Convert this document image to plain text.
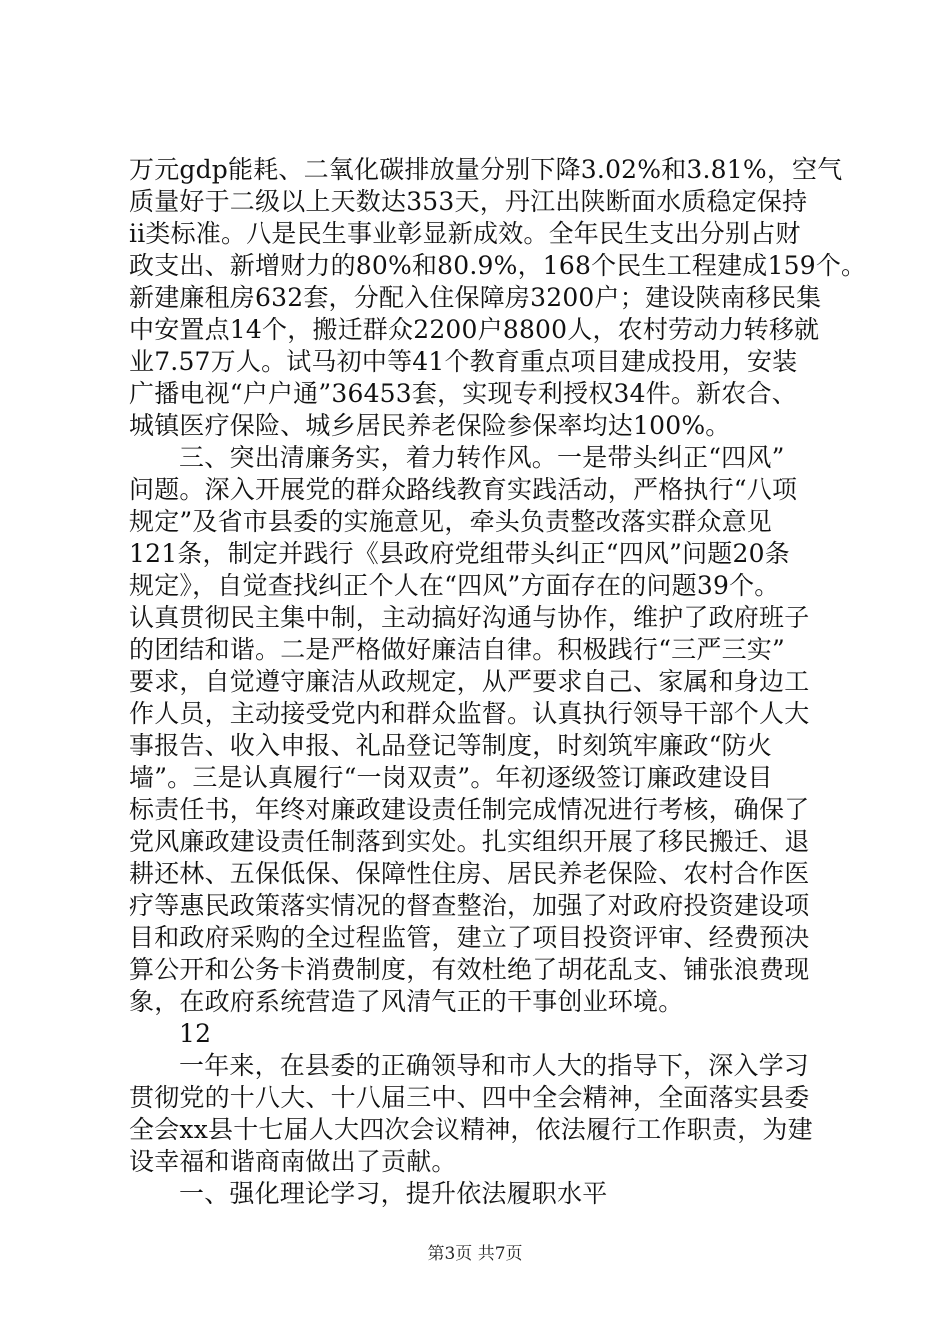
万元gdp能耗、二氧化碳排放量分别下降3.02%和3.81%，空气
质量好于二级以上天数达353天，丹江出陕断面水质稳定保持
ii类标准。八是民生事业彰显新成效。全年民生支出分别占财
政支出、新增财力的80%和80.9%，168个民生工程建成159个。
新建廉租房632套，分配入住保障房3200户；建设陕南移民集
中安置点14个，搬迁群众2200户8800人，农村劳动力转移就
业7.57万人。试马初中等41个教育重点项目建成投用，安装
广播电视“户户通”36453套，实现专利授权34件。新农合、
城镇医疗保险、城乡居民养老保险参保率均达100%。
三、突出清廉务实，着力转作风。一是带头纠正“四风”
问题。深入开展党的群众路线教育实践活动，严格执行“八项
规定”及省市县委的实施意见，牵头负责整改落实群众意见
121条，制定并践行《县政府党组带头纠正“四风”问题20条
规定》，自觉查找纠正个人在“四风”方面存在的问题39个。
认真贯彻民主集中制，主动搞好沟通与协作，维护了政府班子
的团结和谐。二是严格做好廉洁自律。积极践行“三严三实”
要求，自觉遵守廉洁从政规定，从严要求自己、家属和身边工
作人员，主动接受党内和群众监督。认真执行领导干部个人大
事报告、收入申报、礼品登记等制度，时刻筑牢廉政“防火
墙”。三是认真履行“一岗双责”。年初逐级签订廉政建设目
标责任书，年终对廉政建设责任制完成情况进行考核，确保了
党风廉政建设责任制落到实处。扎实组织开展了移民搬迁、退
耕还林、五保低保、保障性住房、居民养老保险、农村合作医
疗等惠民政策落实情况的督查整治，加强了对政府投资建设项
目和政府采购的全过程监管，建立了项目投资评审、经费预决
算公开和公务卡消费制度，有效杜绝了胡花乱支、铺张浪费现
象，在政府系统营造了风清气正的干事创业环境。
12
一年来，在县委的正确领导和市人大的指导下，深入学习
贯彻党的十八大、十八届三中、四中全会精神，全面落实县委
全会xx县十七届人大四次会议精神，依法履行工作职责，为建
设幸福和谐商南做出了贡献。
一、强化理论学习，提升依法履职水平
第3页 共7页
